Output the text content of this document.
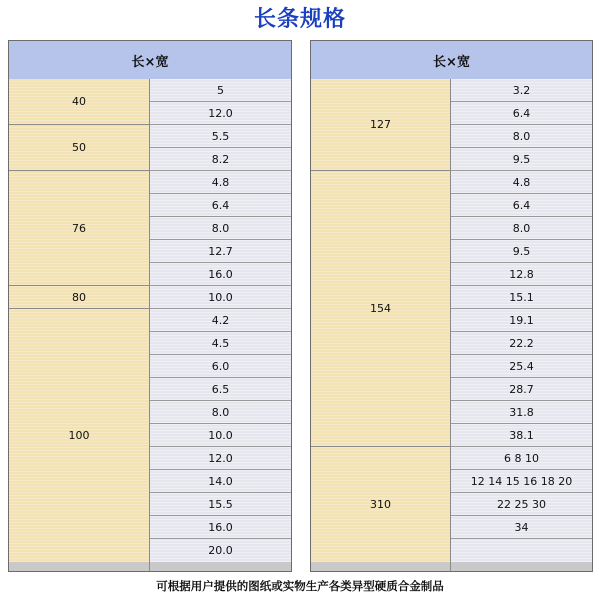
长条规格
长×宽
40
50
76
80
100
5
12.0
5.5
8.2
4.8
6.4
8.0
12.7
16.0
10.0
4.2
4.5
6.0
6.5
8.0
10.0
12.0
14.0
15.5
16.0
20.0
长×宽
127
154
310
3.2
6.4
8.0
9.5
4.8
6.4
8.0
9.5
12.8
15.1
19.1
22.2
25.4
28.7
31.8
38.1
6 8 10
12 14 15 16 18 20
22 25 30
34
可根据用户提供的图纸或实物生产各类异型硬质合金制品
